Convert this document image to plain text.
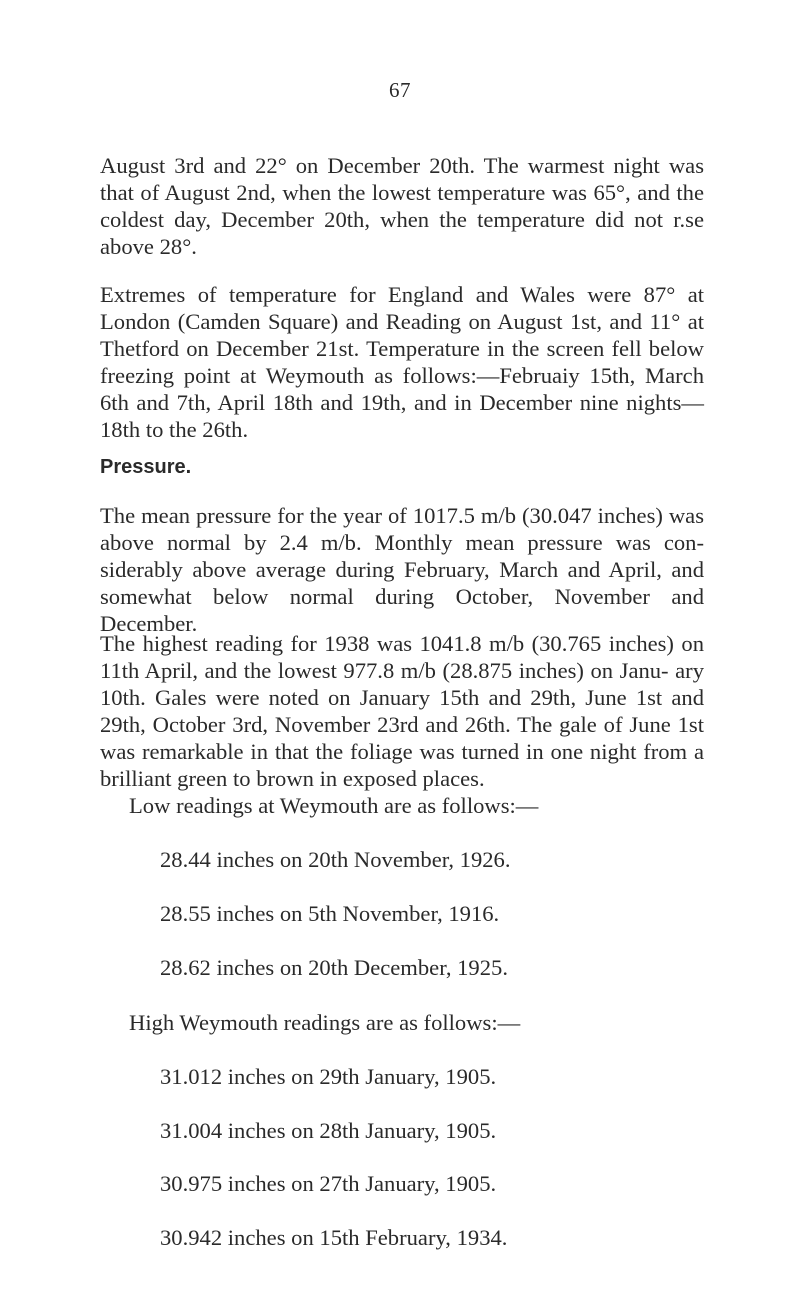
67

August 3rd and 22° on December 20th. The warmest night was that of August 2nd, when the lowest temperature was 65°, and the coldest day, December 20th, when the temperature did not r.se above 28°.

Extremes of temperature for England and Wales were 87° at London (Camden Square) and Reading on August 1st, and 11° at Thetford on December 21st. Temperature in the screen fell below freezing point at Weymouth as follows:—Februaiy 15th, March 6th and 7th, April 18th and 19th, and in December nine nights—18th to the 26th.

Pressure.

The mean pressure for the year of 1017.5 m/b (30.047 inches) was above normal by 2.4 m/b. Monthly mean pressure was con- siderably above average during February, March and April, and somewhat below normal during October, November and December.

The highest reading for 1938 was 1041.8 m/b (30.765 inches) on 11th April, and the lowest 977.8 m/b (28.875 inches) on Janu- ary 10th. Gales were noted on January 15th and 29th, June 1st and 29th, October 3rd, November 23rd and 26th. The gale of June 1st was remarkable in that the foliage was turned in one night from a brilliant green to brown in exposed places.

Low readings at Weymouth are as follows:—

28.44 inches on 20th November, 1926.

28.55 inches on 5th November, 1916.

28.62 inches on 20th December, 1925.

High Weymouth readings are as follows:—

31.012 inches on 29th January, 1905.

31.004 inches on 28th January, 1905.

30.975 inches on 27th January, 1905.

30.942 inches on 15th February, 1934.
